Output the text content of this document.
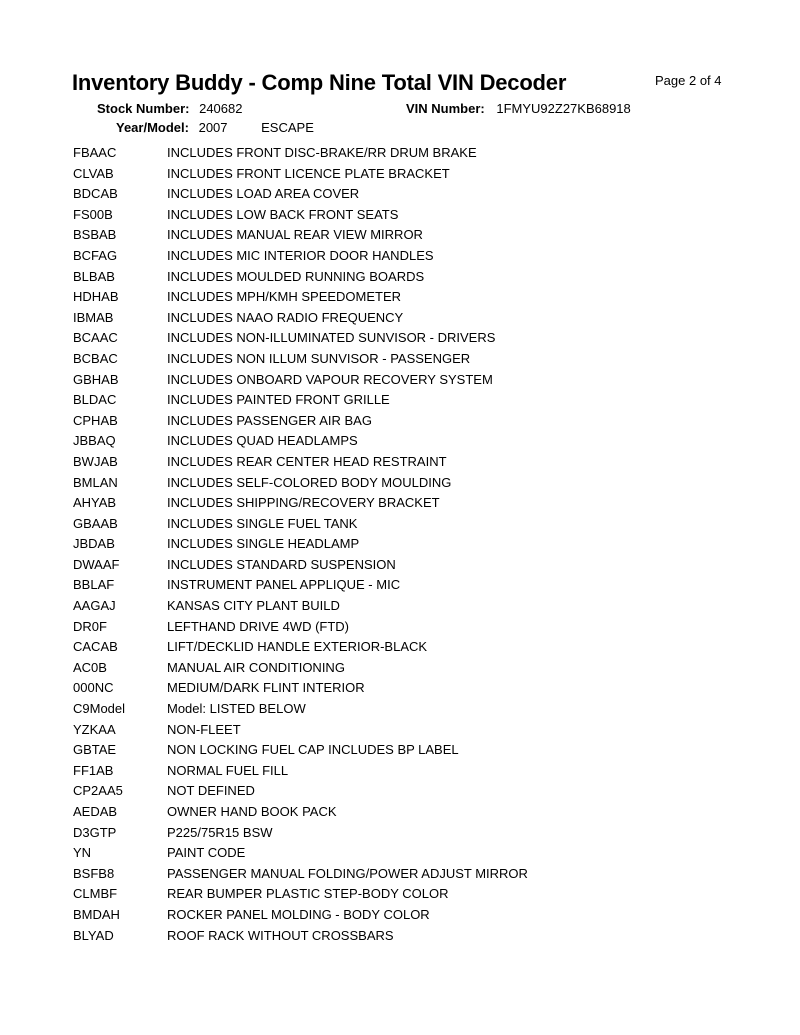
Inventory Buddy - Comp Nine Total VIN Decoder	Page 2 of 4
Stock Number: 240682	VIN Number: 1FMYU92Z27KB68918
Year/Model: 2007	ESCAPE
FBAAC	INCLUDES FRONT DISC-BRAKE/RR DRUM BRAKE
CLVAB	INCLUDES FRONT LICENCE PLATE BRACKET
BDCAB	INCLUDES LOAD AREA COVER
FS00B	INCLUDES LOW BACK FRONT SEATS
BSBAB	INCLUDES MANUAL REAR VIEW MIRROR
BCFAG	INCLUDES MIC INTERIOR DOOR HANDLES
BLBAB	INCLUDES MOULDED RUNNING BOARDS
HDHAB	INCLUDES MPH/KMH SPEEDOMETER
IBMAB	INCLUDES NAAO RADIO FREQUENCY
BCAAC	INCLUDES NON-ILLUMINATED SUNVISOR - DRIVERS
BCBAC	INCLUDES NON ILLUM SUNVISOR - PASSENGER
GBHAB	INCLUDES ONBOARD VAPOUR RECOVERY SYSTEM
BLDAC	INCLUDES PAINTED FRONT GRILLE
CPHAB	INCLUDES PASSENGER AIR BAG
JBBAQ	INCLUDES QUAD HEADLAMPS
BWJAB	INCLUDES REAR CENTER HEAD RESTRAINT
BMLAN	INCLUDES SELF-COLORED BODY MOULDING
AHYAB	INCLUDES SHIPPING/RECOVERY BRACKET
GBAAB	INCLUDES SINGLE FUEL TANK
JBDAB	INCLUDES SINGLE HEADLAMP
DWAAF	INCLUDES STANDARD SUSPENSION
BBLAF	INSTRUMENT PANEL APPLIQUE - MIC
AAGAJ	KANSAS CITY PLANT BUILD
DR0F	LEFTHAND DRIVE 4WD (FTD)
CACAB	LIFT/DECKLID HANDLE EXTERIOR-BLACK
AC0B	MANUAL AIR CONDITIONING
000NC	MEDIUM/DARK FLINT INTERIOR
C9Model	Model: LISTED BELOW
YZKAA	NON-FLEET
GBTAE	NON LOCKING FUEL CAP INCLUDES BP LABEL
FF1AB	NORMAL FUEL FILL
CP2AA5	NOT DEFINED
AEDAB	OWNER HAND BOOK PACK
D3GTP	P225/75R15 BSW
YN	PAINT CODE
BSFB8	PASSENGER MANUAL FOLDING/POWER ADJUST MIRROR
CLMBF	REAR BUMPER PLASTIC STEP-BODY COLOR
BMDAH	ROCKER PANEL MOLDING - BODY COLOR
BLYAD	ROOF RACK WITHOUT CROSSBARS
